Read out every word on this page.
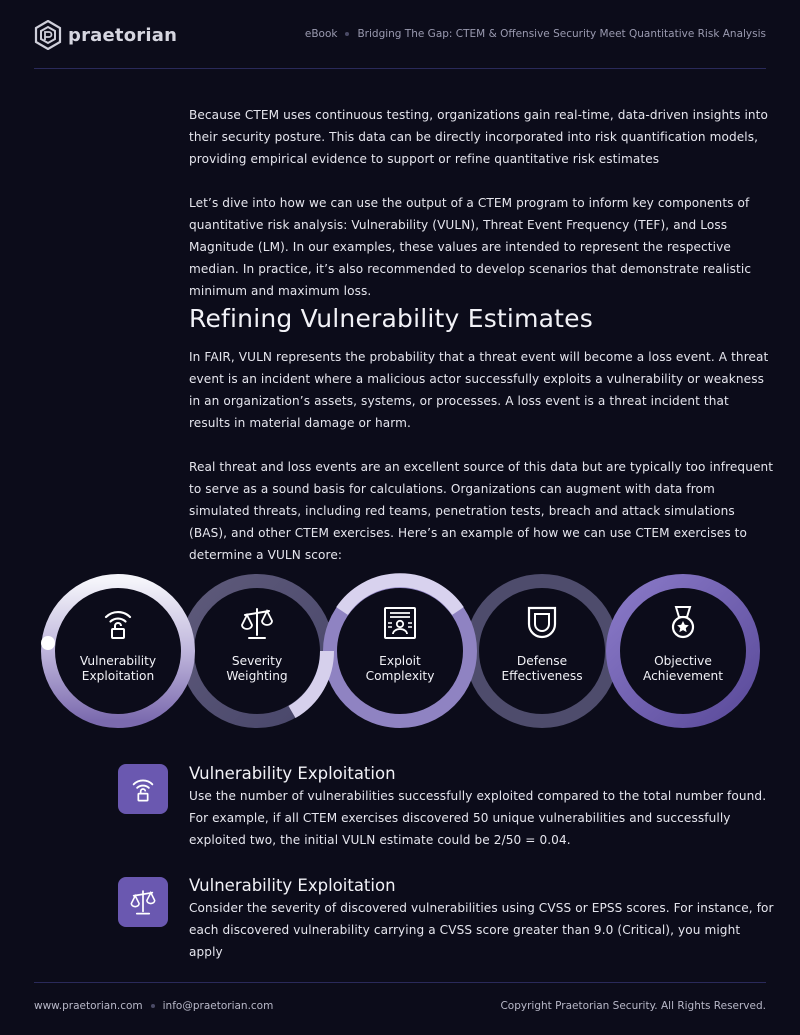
praetorian	eBook Bridging The Gap: CTEM & Offensive Security Meet Quantitative Risk Analysis

Because CTEM uses continuous testing, organizations gain real-time, data-driven insights into their security posture. This data can be directly incorporated into risk quantification models, providing empirical evidence to support or refine quantitative risk estimates

Let’s dive into how we can use the output of a CTEM program to inform key components of quantitative risk analysis: Vulnerability (VULN), Threat Event Frequency (TEF), and Loss Magnitude (LM). In our examples, these values are intended to represent the respective median. In practice, it’s also recommended to develop scenarios that demonstrate realistic minimum and maximum loss.

Refining Vulnerability Estimates

In FAIR, VULN represents the probability that a threat event will become a loss event. A threat event is an incident where a malicious actor successfully exploits a vulnerability or weakness in an organization’s assets, systems, or processes. A loss event is a threat incident that results in material damage or harm.

Real threat and loss events are an excellent source of this data but are typically too infrequent to serve as a sound basis for calculations. Organizations can augment with data from simulated threats, including red teams, penetration tests, breach and attack simulations (BAS), and other CTEM exercises. Here’s an example of how we can use CTEM exercises to determine a VULN score:

Vulnerability
Exploitation
Severity
Weighting
Exploit
Complexity
Defense
Effectiveness
Objective
Achievement
Vulnerability Exploitation

Use the number of vulnerabilities successfully exploited compared to the total number found. For example, if all CTEM exercises discovered 50 unique vulnerabilities and successfully exploited two, the initial VULN estimate could be 2/50 = 0.04.

Vulnerability Exploitation

Consider the severity of discovered vulnerabilities using CVSS or EPSS scores. For instance, for each discovered vulnerability carrying a CVSS score greater than 9.0 (Critical), you might apply

www.praetorian.com info@praetorian.com	Copyright Praetorian Security. All Rights Reserved.
